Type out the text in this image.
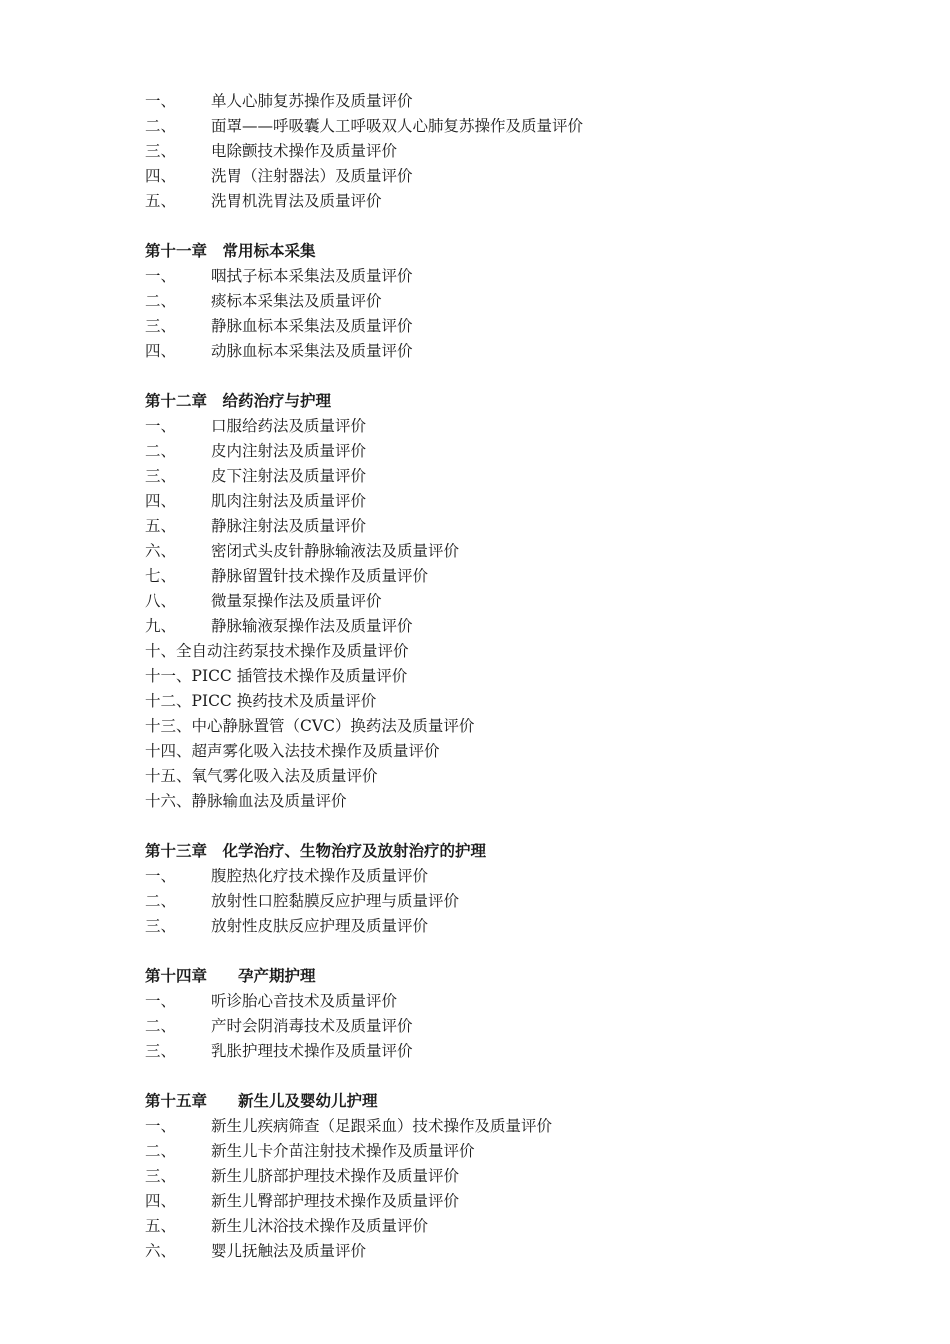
一、	单人心肺复苏操作及质量评价
二、	面罩——呼吸囊人工呼吸双人心肺复苏操作及质量评价
三、	电除颤技术操作及质量评价
四、	洗胃（注射器法）及质量评价
五、	洗胃机洗胃法及质量评价
第十一章　常用标本采集
一、	咽拭子标本采集法及质量评价
二、	痰标本采集法及质量评价
三、	静脉血标本采集法及质量评价
四、	动脉血标本采集法及质量评价
第十二章　给药治疗与护理
一、	口服给药法及质量评价
二、	皮内注射法及质量评价
三、	皮下注射法及质量评价
四、	肌肉注射法及质量评价
五、	静脉注射法及质量评价
六、	密闭式头皮针静脉输液法及质量评价
七、	静脉留置针技术操作及质量评价
八、	微量泵操作法及质量评价
九、	静脉输液泵操作法及质量评价
十、 全自动注药泵技术操作及质量评价
十一、 PICC 插管技术操作及质量评价
十二、 PICC 换药技术及质量评价
十三、 中心静脉置管（CVC）换药法及质量评价
十四、 超声雾化吸入法技术操作及质量评价
十五、 氧气雾化吸入法及质量评价
十六、 静脉输血法及质量评价
第十三章　化学治疗、生物治疗及放射治疗的护理
一、	腹腔热化疗技术操作及质量评价
二、	放射性口腔黏膜反应护理与质量评价
三、	放射性皮肤反应护理及质量评价
第十四章　　孕产期护理
一、	听诊胎心音技术及质量评价
二、	产时会阴消毒技术及质量评价
三、	乳胀护理技术操作及质量评价
第十五章　　新生儿及婴幼儿护理
一、	新生儿疾病筛查（足跟采血）技术操作及质量评价
二、	新生儿卡介苗注射技术操作及质量评价
三、	新生儿脐部护理技术操作及质量评价
四、	新生儿臀部护理技术操作及质量评价
五、	新生儿沐浴技术操作及质量评价
六、	婴儿抚触法及质量评价
